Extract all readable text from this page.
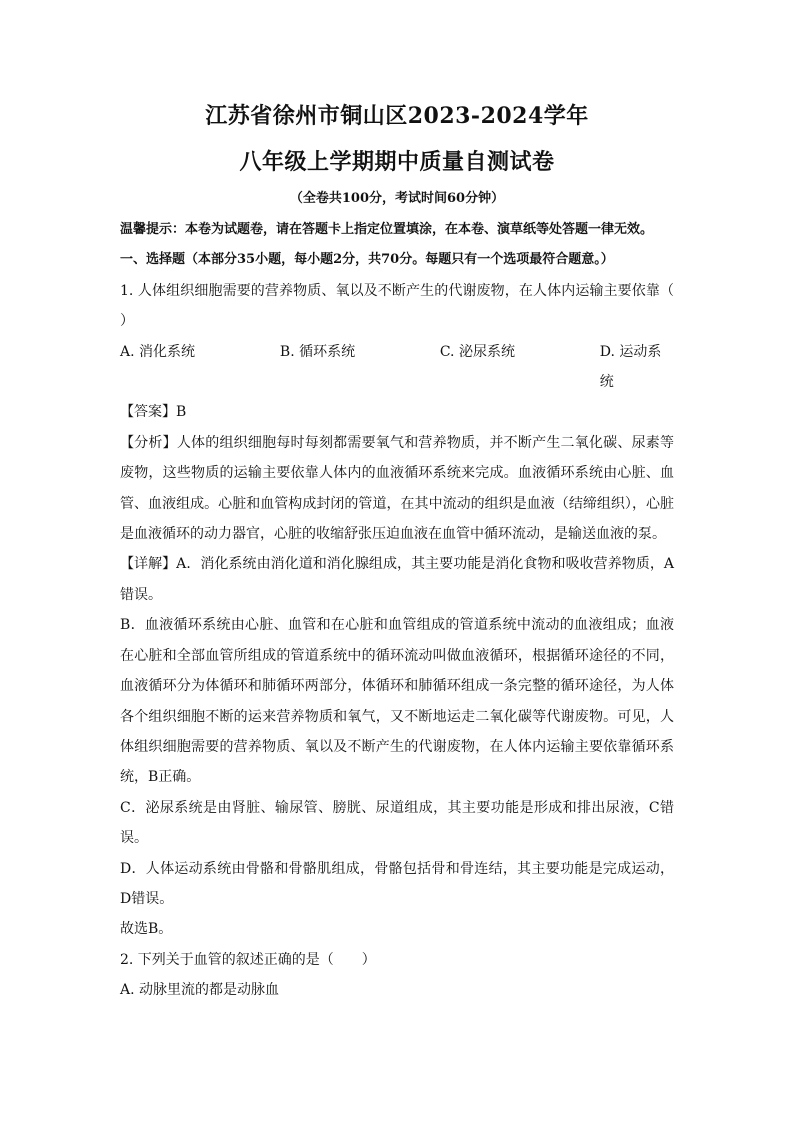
江苏省徐州市铜山区2023-2024学年
八年级上学期期中质量自测试卷
（全卷共100分，考试时间60分钟）
温馨提示：本卷为试题卷，请在答题卡上指定位置填涂，在本卷、演草纸等处答题一律无效。
一、选择题（本部分35小题，每小题2分，共70分。每题只有一个选项最符合题意。）
1. 人体组织细胞需要的营养物质、氧以及不断产生的代谢废物，在人体内运输主要依靠（　　）
A. 消化系统	B. 循环系统	C. 泌尿系统	D. 运动系统
【答案】B
【分析】人体的组织细胞每时每刻都需要氧气和营养物质，并不断产生二氧化碳、尿素等废物，这些物质的运输主要依靠人体内的血液循环系统来完成。血液循环系统由心脏、血管、血液组成。心脏和血管构成封闭的管道，在其中流动的组织是血液（结缔组织），心脏是血液循环的动力器官，心脏的收缩舒张压迫血液在血管中循环流动，是输送血液的泵。
【详解】A．消化系统由消化道和消化腺组成，其主要功能是消化食物和吸收营养物质，A错误。
B．血液循环系统由心脏、血管和在心脏和血管组成的管道系统中流动的血液组成；血液在心脏和全部血管所组成的管道系统中的循环流动叫做血液循环，根据循环途径的不同，血液循环分为体循环和肺循环两部分，体循环和肺循环组成一条完整的循环途径，为人体各个组织细胞不断的运来营养物质和氧气，又不断地运走二氧化碳等代谢废物。可见，人体组织细胞需要的营养物质、氧以及不断产生的代谢废物，在人体内运输主要依靠循环系统，B正确。
C．泌尿系统是由肾脏、输尿管、膀胱、尿道组成，其主要功能是形成和排出尿液，C错误。
D．人体运动系统由骨骼和骨骼肌组成，骨骼包括骨和骨连结，其主要功能是完成运动，D错误。
故选B。
2. 下列关于血管的叙述正确的是（　　）
A. 动脉里流的都是动脉血
